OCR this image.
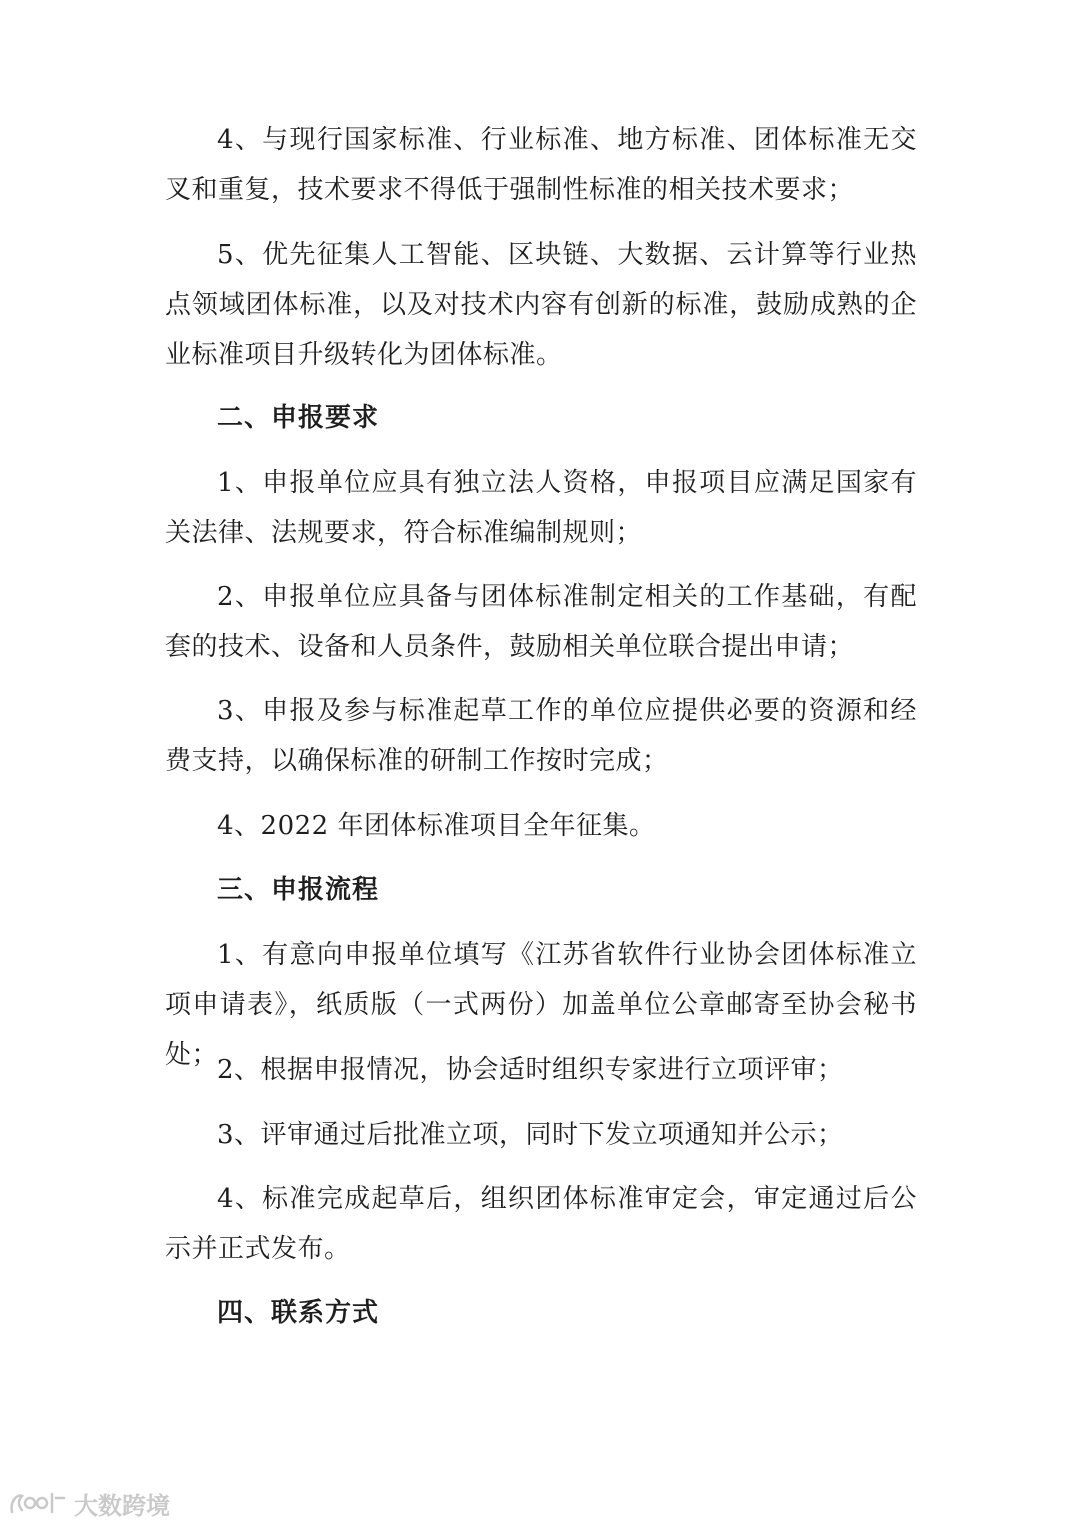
4、与现行国家标准、行业标准、地方标准、团体标准无交叉和重复，技术要求不得低于强制性标准的相关技术要求；

5、优先征集人工智能、区块链、大数据、云计算等行业热点领域团体标准，以及对技术内容有创新的标准，鼓励成熟的企业标准项目升级转化为团体标准。

二、申报要求

1、申报单位应具有独立法人资格，申报项目应满足国家有关法律、法规要求，符合标准编制规则；

2、申报单位应具备与团体标准制定相关的工作基础，有配套的技术、设备和人员条件，鼓励相关单位联合提出申请；

3、申报及参与标准起草工作的单位应提供必要的资源和经费支持，以确保标准的研制工作按时完成；

4、2022 年团体标准项目全年征集。

三、申报流程

1、有意向申报单位填写《江苏省软件行业协会团体标准立项申请表》，纸质版（一式两份）加盖单位公章邮寄至协会秘书处；

2、根据申报情况，协会适时组织专家进行立项评审；

3、评审通过后批准立项，同时下发立项通知并公示；

4、标准完成起草后，组织团体标准审定会，审定通过后公示并正式发布。

四、联系方式
大数跨境
